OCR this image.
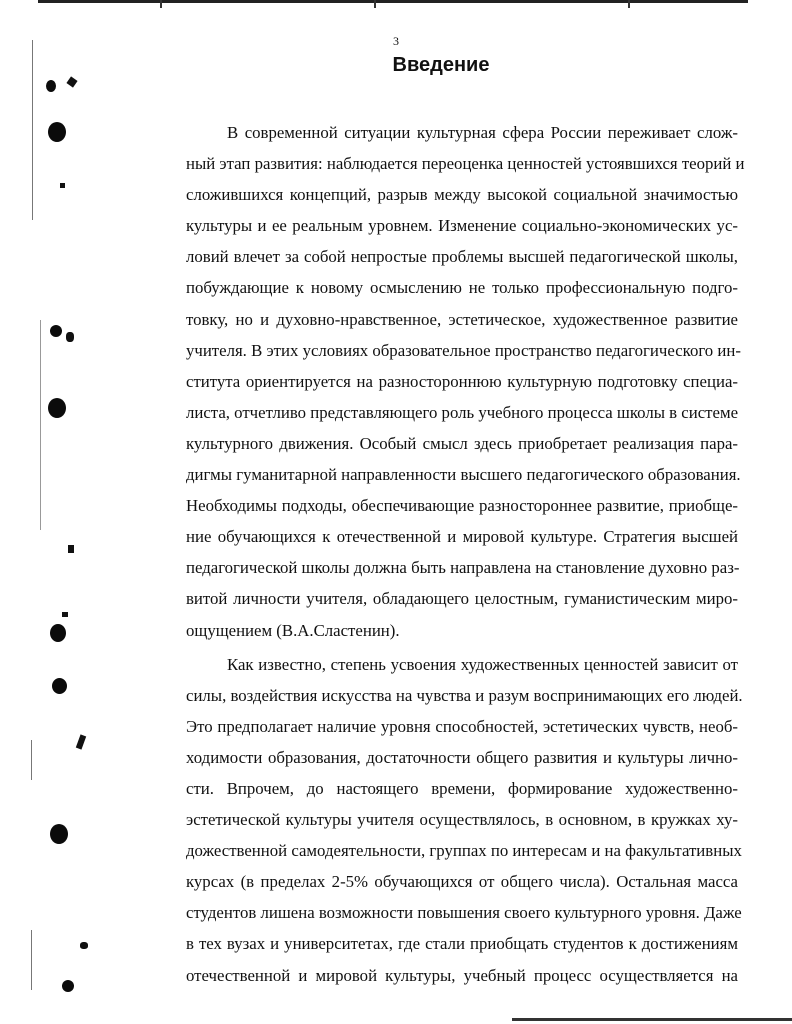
3
Введение

В современной ситуации культурная сфера России переживает слож-
ный этап развития: наблюдается переоценка ценностей устоявшихся теорий и
сложившихся концепций, разрыв между высокой социальной значимостью
культуры и ее реальным уровнем. Изменение социально-экономических ус-
ловий влечет за собой непростые проблемы высшей педагогической школы,
побуждающие к новому осмыслению не только профессиональную подго-
товку, но и духовно-нравственное, эстетическое, художественное развитие
учителя. В этих условиях образовательное пространство педагогического ин-
ститута ориентируется на разностороннюю культурную подготовку специа-
листа, отчетливо представляющего роль учебного процесса школы в системе
культурного движения. Особый смысл здесь приобретает реализация пара-
дигмы гуманитарной направленности высшего педагогического образования.
Необходимы подходы, обеспечивающие разностороннее развитие, приобще-
ние обучающихся к отечественной и мировой культуре. Стратегия высшей
педагогической школы должна быть направлена на становление духовно раз-
витой личности учителя, обладающего целостным, гуманистическим миро-
ощущением (В.А.Сластенин).

Как известно, степень усвоения художественных ценностей зависит от
силы, воздействия искусства на чувства и разум воспринимающих его людей.
Это предполагает наличие уровня способностей, эстетических чувств, необ-
ходимости образования, достаточности общего развития и культуры лично-
сти. Впрочем, до настоящего времени, формирование художественно-
эстетической культуры учителя осуществлялось, в основном, в кружках ху-
дожественной самодеятельности, группах по интересам и на факультативных
курсах (в пределах 2-5% обучающихся от общего числа). Остальная масса
студентов лишена возможности повышения своего культурного уровня. Даже
в тех вузах и университетах, где стали приобщать студентов к достижениям
отечественной и мировой культуры, учебный процесс осуществляется на
